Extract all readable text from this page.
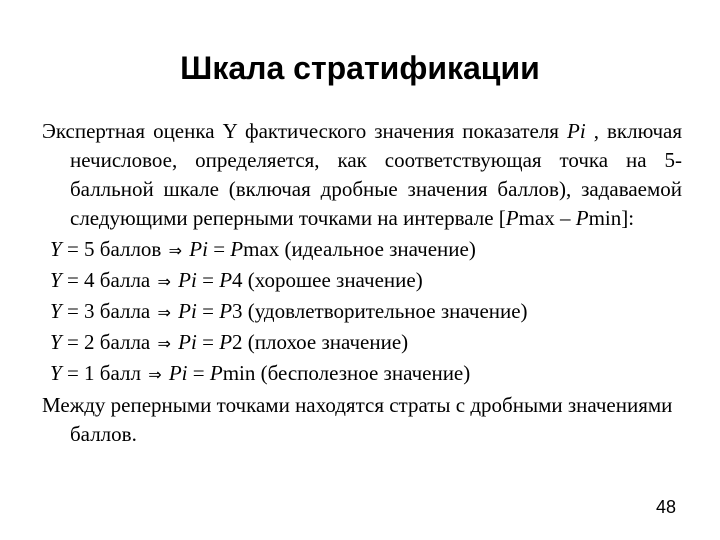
Шкала стратификации
Экспертная оценка Y фактического значения показателя Pi , включая нечисловое, определяется, как соответствующая точка на 5-балльной шкале (включая дробные значения баллов), задаваемой следующими реперными точками на интервале [Pmax – Pmin]:
Y = 5 баллов ⇒ Pi = Pmax (идеальное значение)
Y = 4 балла ⇒ Pi = P4 (хорошее значение)
Y = 3 балла ⇒ Pi = P3 (удовлетворительное значение)
Y = 2 балла ⇒ Pi = P2 (плохое значение)
Y = 1 балл ⇒ Pi = Pmin (бесполезное значение)
Между реперными точками находятся страты с дробными значениями баллов.
48
